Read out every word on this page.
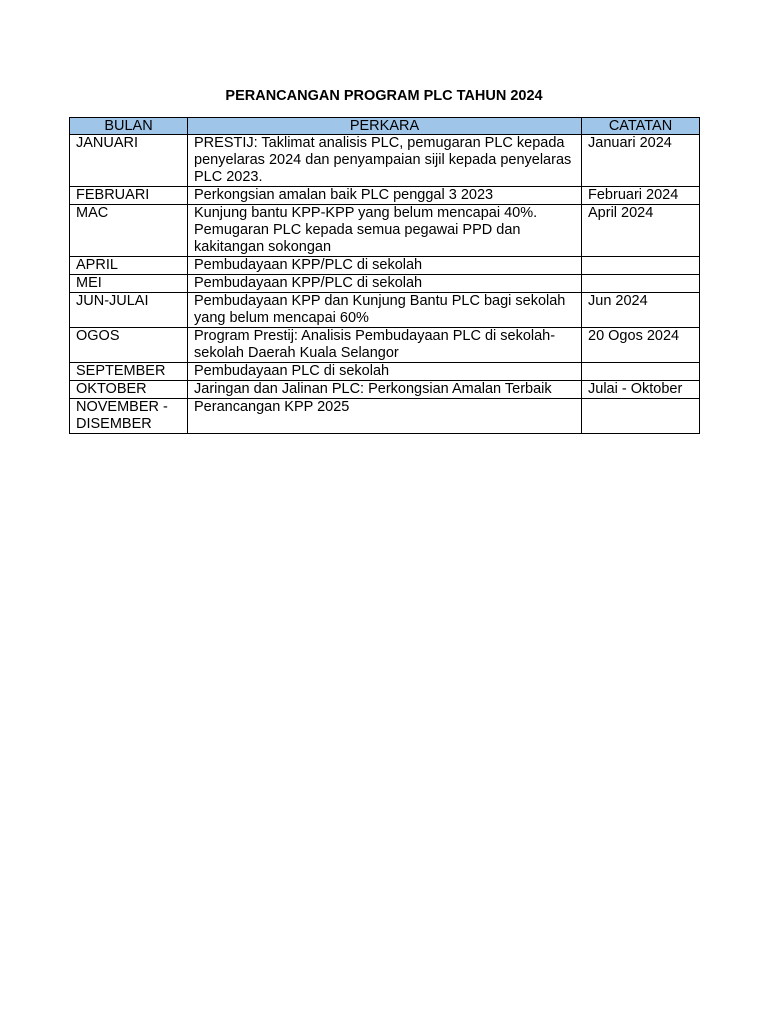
PERANCANGAN PROGRAM PLC TAHUN 2024
BULAN	PERKARA	CATATAN
JANUARI	PRESTIJ: Taklimat analisis PLC, pemugaran PLC kepada penyelaras 2024 dan penyampaian sijil kepada penyelaras PLC 2023.	Januari 2024
FEBRUARI	Perkongsian amalan baik PLC penggal 3 2023	Februari 2024
MAC	Kunjung bantu KPP-KPP yang belum mencapai 40%. Pemugaran PLC kepada semua pegawai PPD dan kakitangan sokongan	April 2024
APRIL	Pembudayaan KPP/PLC di sekolah	
MEI	Pembudayaan KPP/PLC di sekolah	
JUN-JULAI	Pembudayaan KPP dan Kunjung Bantu PLC bagi sekolah yang belum mencapai 60%	Jun 2024
OGOS	Program Prestij: Analisis Pembudayaan PLC di sekolah-sekolah Daerah Kuala Selangor	20 Ogos 2024
SEPTEMBER	Pembudayaan PLC di sekolah	
OKTOBER	Jaringan dan Jalinan PLC: Perkongsian Amalan Terbaik	Julai - Oktober
NOVEMBER - DISEMBER	Perancangan KPP 2025	
